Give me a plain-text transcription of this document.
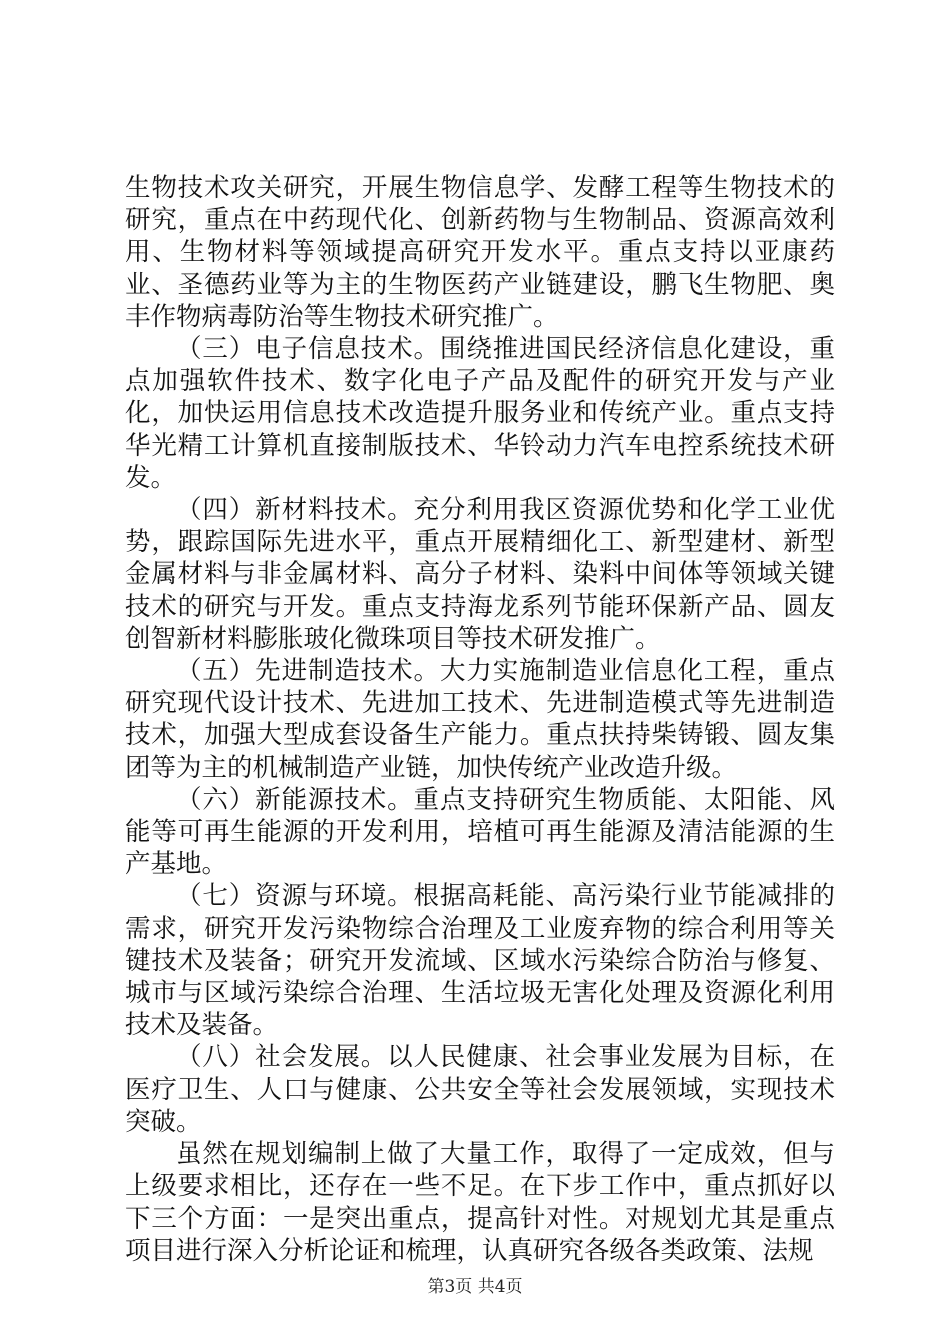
生物技术攻关研究，开展生物信息学、发酵工程等生物技术的研究，重点在中药现代化、创新药物与生物制品、资源高效利用、生物材料等领域提高研究开发水平。重点支持以亚康药业、圣德药业等为主的生物医药产业链建设，鹏飞生物肥、奥丰作物病毒防治等生物技术研究推广。

（三）电子信息技术。围绕推进国民经济信息化建设，重点加强软件技术、数字化电子产品及配件的研究开发与产业化，加快运用信息技术改造提升服务业和传统产业。重点支持华光精工计算机直接制版技术、华铃动力汽车电控系统技术研发。

（四）新材料技术。充分利用我区资源优势和化学工业优势，跟踪国际先进水平，重点开展精细化工、新型建材、新型金属材料与非金属材料、高分子材料、染料中间体等领域关键技术的研究与开发。重点支持海龙系列节能环保新产品、圆友创智新材料膨胀玻化微珠项目等技术研发推广。

（五）先进制造技术。大力实施制造业信息化工程，重点研究现代设计技术、先进加工技术、先进制造模式等先进制造技术，加强大型成套设备生产能力。重点扶持柴铸锻、圆友集团等为主的机械制造产业链，加快传统产业改造升级。

（六）新能源技术。重点支持研究生物质能、太阳能、风能等可再生能源的开发利用，培植可再生能源及清洁能源的生产基地。

（七）资源与环境。根据高耗能、高污染行业节能减排的需求，研究开发污染物综合治理及工业废弃物的综合利用等关键技术及装备；研究开发流域、区域水污染综合防治与修复、城市与区域污染综合治理、生活垃圾无害化处理及资源化利用技术及装备。

（八）社会发展。以人民健康、社会事业发展为目标，在医疗卫生、人口与健康、公共安全等社会发展领域，实现技术突破。

虽然在规划编制上做了大量工作，取得了一定成效，但与上级要求相比，还存在一些不足。在下步工作中，重点抓好以下三个方面：一是突出重点，提高针对性。对规划尤其是重点项目进行深入分析论证和梳理，认真研究各级各类政策、法规

第3页 共4页
